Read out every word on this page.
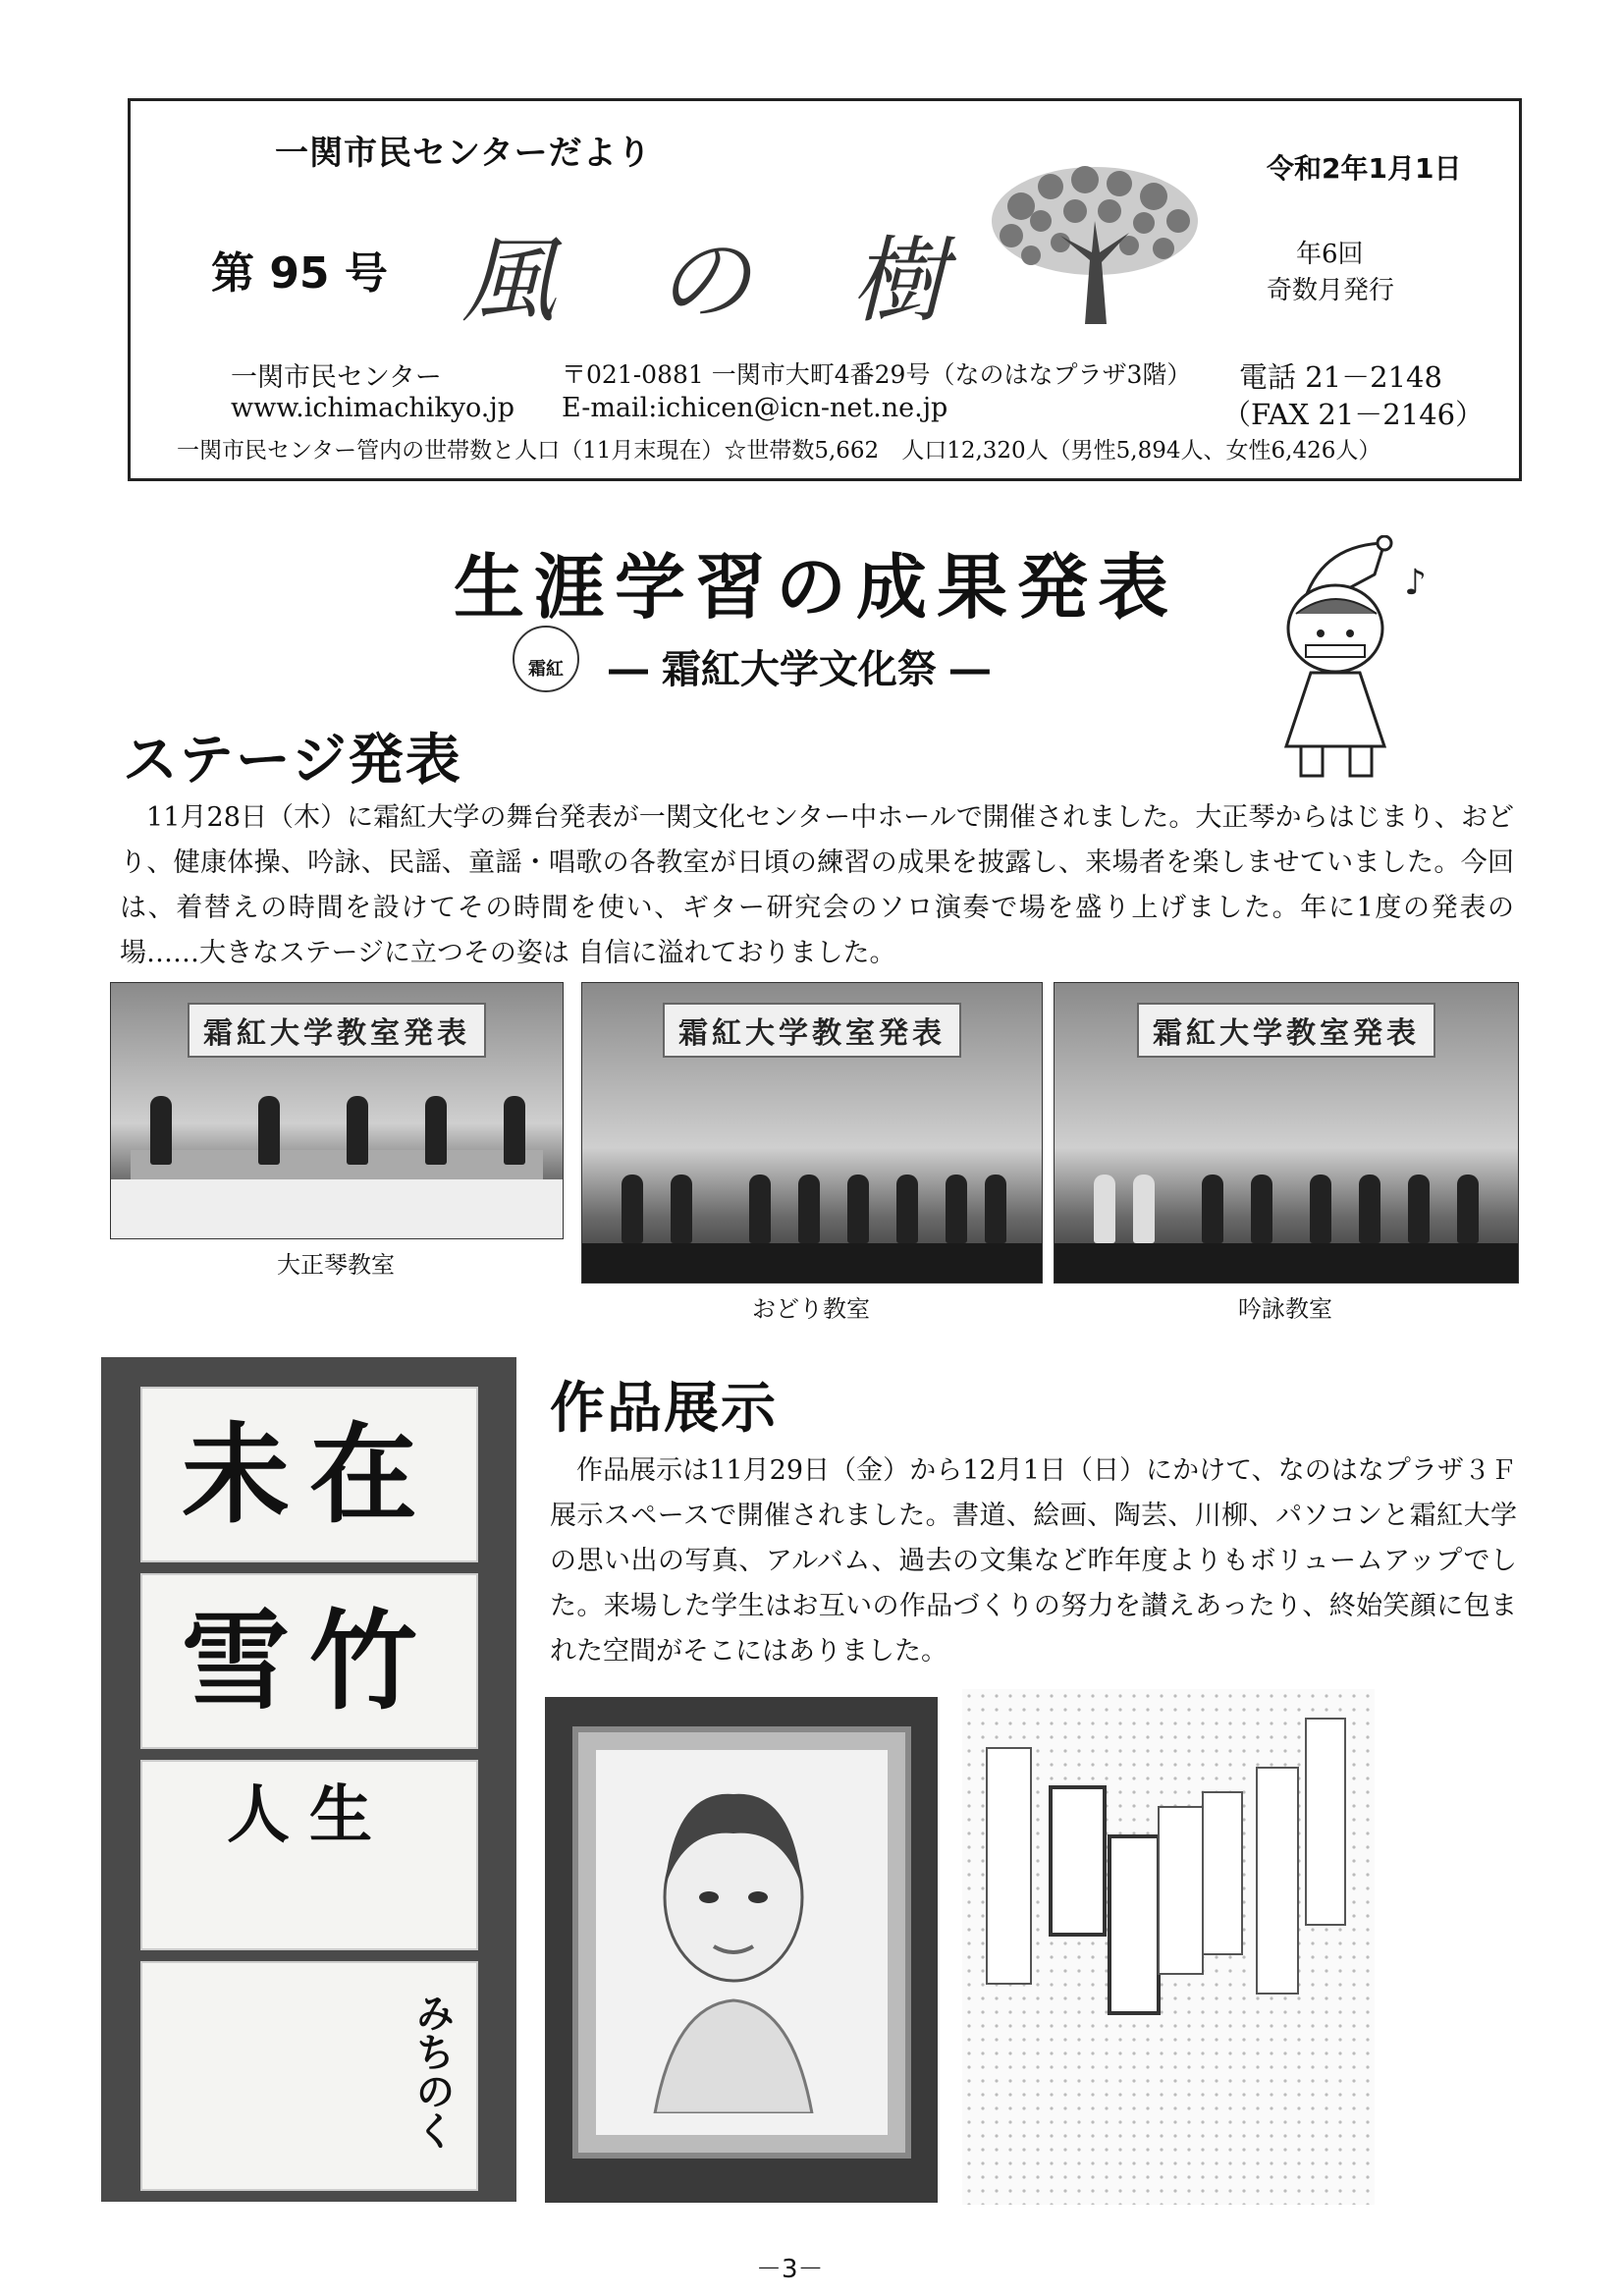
一関市民センターだより
第 95 号 風 の 樹
令和2年1月1日
年6回
奇数月発行
一関市民センター
www.ichimachikyo.jp
〒021-0881 一関市大町4番29号（なのはなプラザ3階）
E-mail:ichicen@icn-net.ne.jp
電話 21－2148
（FAX 21－2146）
一関市民センター管内の世帯数と人口（11月末現在）☆世帯数5,662　人口12,320人（男性5,894人、女性6,426人）
生涯学習の成果発表
霜紅 ― 霜紅大学文化祭 ―
♪
ステージ発表
　11月28日（木）に霜紅大学の舞台発表が一関文化センター中ホールで開催されました。大正琴からはじまり、おどり、健康体操、吟詠、民謡、童謡・唱歌の各教室が日頃の練習の成果を披露し、来場者を楽しませていました。今回は、着替えの時間を設けてその時間を使い、ギター研究会のソロ演奏で場を盛り上げました。年に1度の発表の場……大きなステージに立つその姿は 自信に溢れておりました。
霜紅大学教室発表
大正琴教室
霜紅大学教室発表
おどり教室
霜紅大学教室発表
吟詠教室
未在
雪竹
人生
みちのく
作品展示
　作品展示は11月29日（金）から12月1日（日）にかけて、なのはなプラザ３Ｆ展示スペースで開催されました。書道、絵画、陶芸、川柳、パソコンと霜紅大学の思い出の写真、アルバム、過去の文集など昨年度よりもボリュームアップでした。来場した学生はお互いの作品づくりの努力を讃えあったり、終始笑顔に包まれた空間がそこにはありました。
－3－
